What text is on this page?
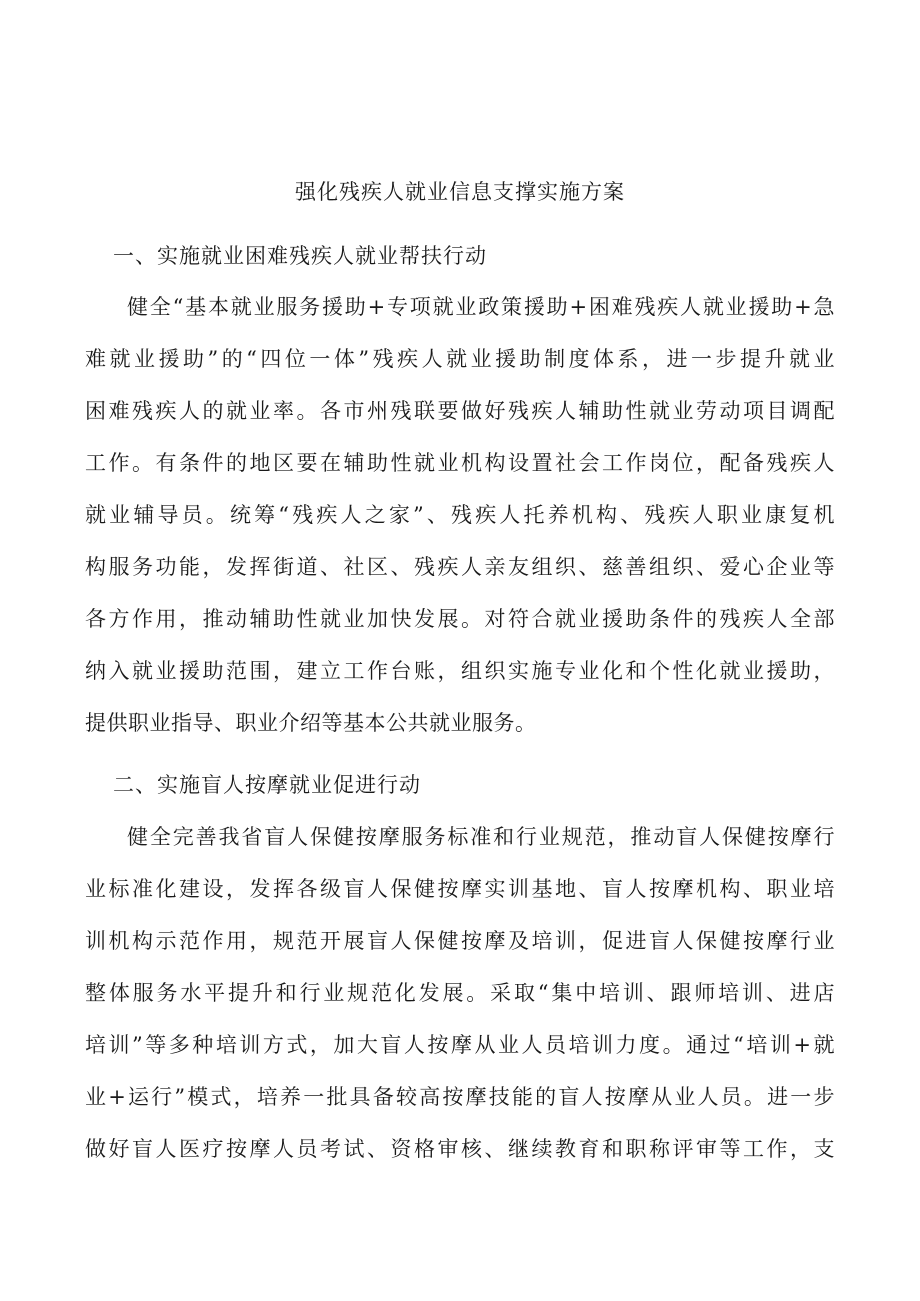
强化残疾人就业信息支撑实施方案
一、实施就业困难残疾人就业帮扶行动
健全“基本就业服务援助+专项就业政策援助+困难残疾人就业援助+急
难就业援助”的“四位一体”残疾人就业援助制度体系，进一步提升就业
困难残疾人的就业率。各市州残联要做好残疾人辅助性就业劳动项目调配
工作。有条件的地区要在辅助性就业机构设置社会工作岗位，配备残疾人
就业辅导员。统筹“残疾人之家”、残疾人托养机构、残疾人职业康复机
构服务功能，发挥街道、社区、残疾人亲友组织、慈善组织、爱心企业等
各方作用，推动辅助性就业加快发展。对符合就业援助条件的残疾人全部
纳入就业援助范围，建立工作台账，组织实施专业化和个性化就业援助，
提供职业指导、职业介绍等基本公共就业服务。
二、实施盲人按摩就业促进行动
健全完善我省盲人保健按摩服务标准和行业规范，推动盲人保健按摩行
业标准化建设，发挥各级盲人保健按摩实训基地、盲人按摩机构、职业培
训机构示范作用，规范开展盲人保健按摩及培训，促进盲人保健按摩行业
整体服务水平提升和行业规范化发展。采取“集中培训、跟师培训、进店
培训”等多种培训方式，加大盲人按摩从业人员培训力度。通过“培训+就
业+运行”模式，培养一批具备较高按摩技能的盲人按摩从业人员。进一步
做好盲人医疗按摩人员考试、资格审核、继续教育和职称评审等工作，支
